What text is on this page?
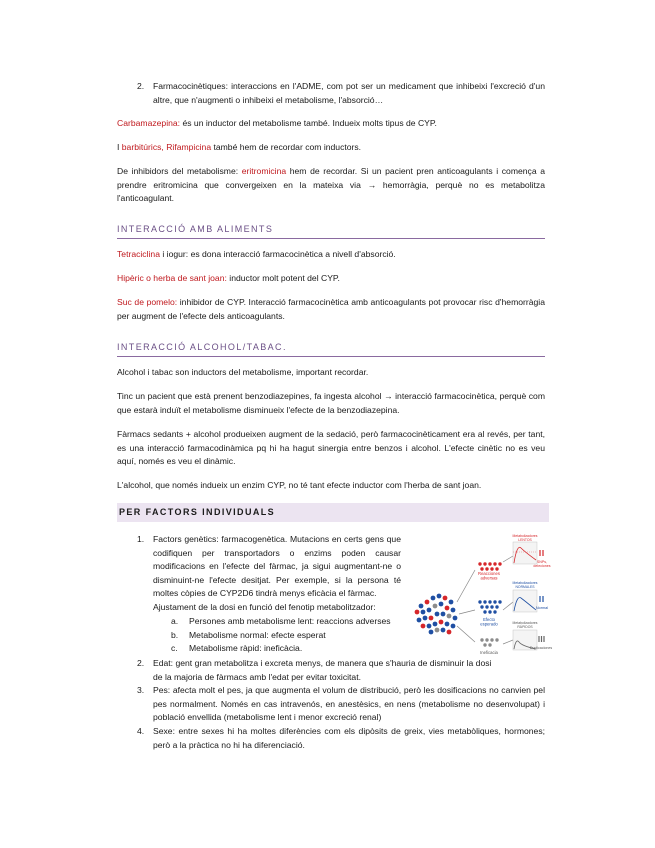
2.	Farmacocinètiques: interaccions en l'ADME, com pot ser un medicament que inhibeixi l'excreció d'un altre, que n'augmenti o inhibeixi el metabolisme, l'absorció…

Carbamazepina: és un inductor del metabolisme també. Indueix molts tipus de CYP.

I barbitúrics, Rifampicina també hem de recordar com inductors.

De inhibidors del metabolisme: eritromicina hem de recordar. Si un pacient pren anticoagulants i comença a prendre eritromicina que convergeixen en la mateixa via → hemorràgia, perquè no es metabolitza l'anticoagulant.

INTERACCIÓ AMB ALIMENTS

Tetraciclina i iogur: es dona interacció farmacocinètica a nivell d'absorció.

Hipèric o herba de sant joan: inductor molt potent del CYP.

Suc de pomelo: inhibidor de CYP. Interacció farmacocinètica amb anticoagulants pot provocar risc d'hemorràgia per augment de l'efecte dels anticoagulants.

INTERACCIÓ ALCOHOL/TABAC.

Alcohol i tabac son inductors del metabolisme, important recordar.

Tinc un pacient que està prenent benzodiazepines, fa ingesta alcohol → interacció farmacocinètica, perquè com que estarà induït el metabolisme disminueix l'efecte de la benzodiazepina.

Fàrmacs sedants + alcohol produeixen augment de la sedació, però farmacocinèticament era al revés, per tant, es una interacció farmacodinàmica pq hi ha hagut sinergia entre benzos i alcohol. L'efecte cinètic no es veu aquí, només es veu el dinàmic.

L'alcohol, que només indueix un enzim CYP, no té tant efecte inductor com l'herba de sant joan.

PER FACTORS INDIVIDUALS
1.	Factors genètics: farmacogenètica. Mutacions en certs gens que codifiquen per transportadors o enzims poden causar modificacions en l'efecte del fàrmac, ja sigui augmentant-ne o disminuint-ne l'efecte desitjat. Per exemple, si la persona té moltes còpies de CYP2D6 tindrà menys eficàcia el fàrmac.

Ajustament de la dosi en funció del fenotip metabolitzador:

a. Persones amb metabolisme lent: reaccions adverses
b. Metabolisme normal: efecte esperat
c. Metabolisme ràpid: ineficàcia.
2.	Edat: gent gran metabolitza i excreta menys, de manera que s'hauria de disminuir la dosi de la majoria de fàrmacs amb l'edat per evitar toxicitat.

3.	Pes: afecta molt el pes, ja que augmenta el volum de distribució, però les dosificacions no canvien pel pes normalment. Només en cas intravenós, en anestèsics, en nens (metabolisme no desenvolupat) i població envellida (metabolisme lent i menor excreció renal)

4.	Sexe: entre sexes hi ha moltes diferències com els dipòsits de greix, vies metabòliques, hormones; però a la pràctica no hi ha diferenciació.

Reacciones adversas
Efecto esperado
Ineficacia
Metabolizadores LENTOS
Metabolizadores NORMALES
Metabolizadores RÁPIDOS
SNPs, deleciones
Normal
Duplicaciones
